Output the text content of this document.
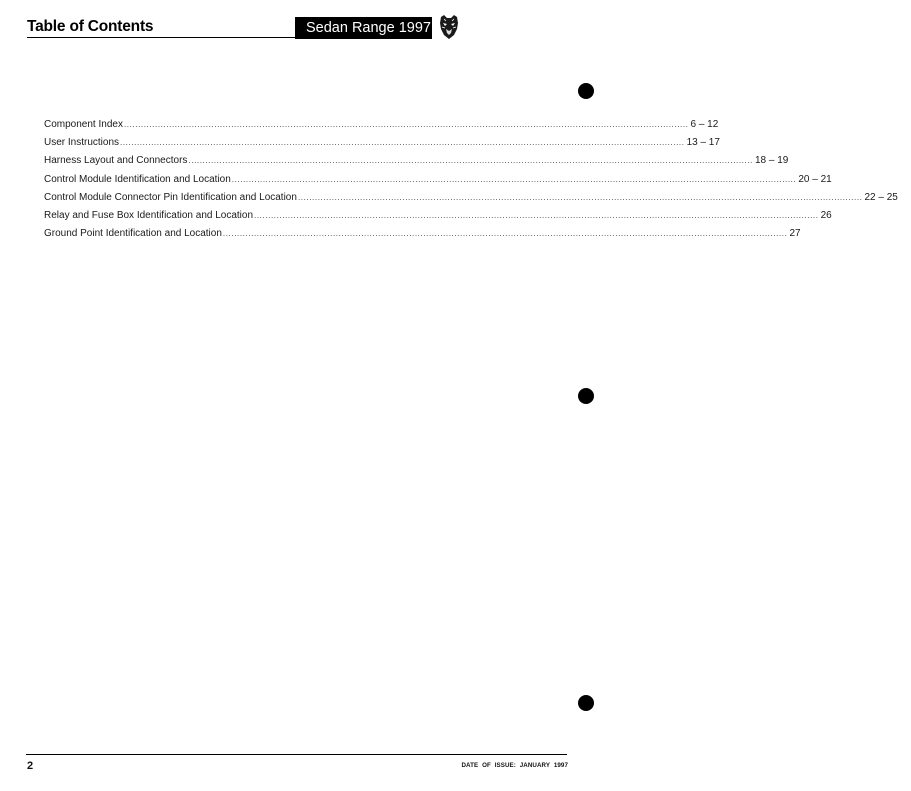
Table of Contents	Sedan Range 1997
Component Index ........................................................................................................................................................................................................ 6 – 12
User Instructions ........................................................................................................................................................................................................ 13 – 17
Harness Layout and Connectors ........................................................................................................................................................................................................ 18 – 19
Control Module Identification and Location ........................................................................................................................................................................................................ 20 – 21
Control Module Connector Pin Identification and Location ........................................................................................................................................................................................................ 22 – 25
Relay and Fuse Box Identification and Location ........................................................................................................................................................................................................ 26
Ground Point Identification and Location ........................................................................................................................................................................................................ 27
2	DATE OF ISSUE: JANUARY 1997
